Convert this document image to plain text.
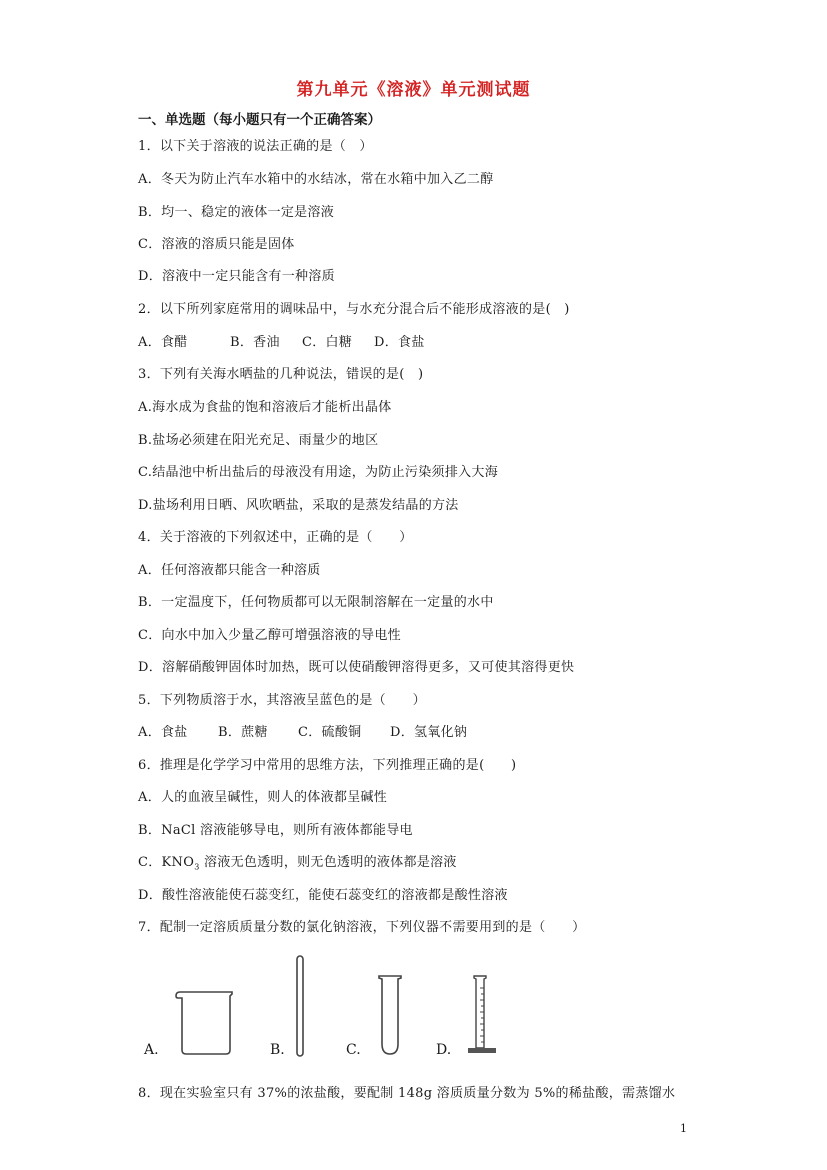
第九单元《溶液》单元测试题
一、单选题（每小题只有一个正确答案）
1．以下关于溶液的说法正确的是（　）
A．冬天为防止汽车水箱中的水结冰，常在水箱中加入乙二醇
B．均一、稳定的液体一定是溶液
C．溶液的溶质只能是固体
D．溶液中一定只能含有一种溶质
2．以下所列家庭常用的调味品中，与水充分混合后不能形成溶液的是(　)
A．食醋	B．香油 C．白糖 D．食盐
3．下列有关海水晒盐的几种说法，错误的是(　)
A.海水成为食盐的饱和溶液后才能析出晶体
B.盐场必须建在阳光充足、雨量少的地区
C.结晶池中析出盐后的母液没有用途，为防止污染须排入大海
D.盐场利用日晒、风吹晒盐，采取的是蒸发结晶的方法
4．关于溶液的下列叙述中，正确的是（　　）
A．任何溶液都只能含一种溶质
B．一定温度下，任何物质都可以无限制溶解在一定量的水中
C．向水中加入少量乙醇可增强溶液的导电性
D．溶解硝酸钾固体时加热，既可以使硝酸钾溶得更多，又可使其溶得更快
5．下列物质溶于水，其溶液呈蓝色的是（　　）
A．食盐 B．蔗糖 C．硫酸铜 D．氢氧化钠
6．推理是化学学习中常用的思维方法，下列推理正确的是(　　)
A．人的血液呈碱性，则人的体液都呈碱性
B．NaCl 溶液能够导电，则所有液体都能导电
C．$KNO_3$ 溶液无色透明，则无色透明的液体都是溶液
D．酸性溶液能使石蕊变红，能使石蕊变红的溶液都是酸性溶液
7．配制一定溶质质量分数的氯化钠溶液，下列仪器不需要用到的是（　　）
A.	B.	C.	D.
8．现在实验室只有 37%的浓盐酸，要配制 148g 溶质质量分数为 5%的稀盐酸，需蒸馏水
1
